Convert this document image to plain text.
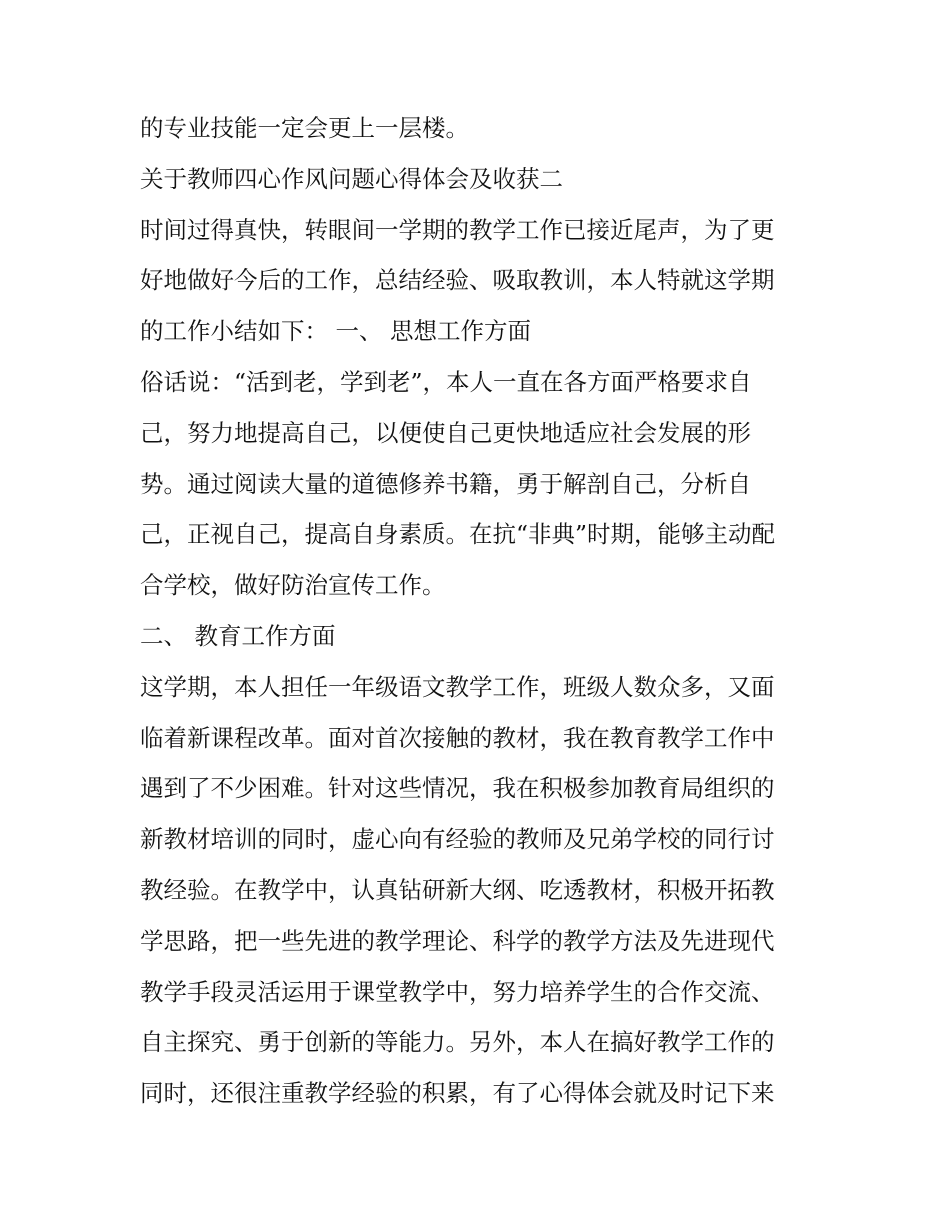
的专业技能一定会更上一层楼。
关于教师四心作风问题心得体会及收获二
时间过得真快，转眼间一学期的教学工作已接近尾声，为了更
好地做好今后的工作，总结经验、吸取教训，本人特就这学期
的工作小结如下： 一、 思想工作方面
俗话说：“活到老，学到老”，本人一直在各方面严格要求自
己，努力地提高自己，以便使自己更快地适应社会发展的形
势。通过阅读大量的道德修养书籍，勇于解剖自己，分析自
己，正视自己，提高自身素质。在抗“非典”时期，能够主动配
合学校，做好防治宣传工作。
二、 教育工作方面
这学期，本人担任一年级语文教学工作，班级人数众多，又面
临着新课程改革。面对首次接触的教材，我在教育教学工作中
遇到了不少困难。针对这些情况，我在积极参加教育局组织的
新教材培训的同时，虚心向有经验的教师及兄弟学校的同行讨
教经验。在教学中，认真钻研新大纲、吃透教材，积极开拓教
学思路，把一些先进的教学理论、科学的教学方法及先进现代
教学手段灵活运用于课堂教学中，努力培养学生的合作交流、
自主探究、勇于创新的等能力。另外，本人在搞好教学工作的
同时，还很注重教学经验的积累，有了心得体会就及时记下来
